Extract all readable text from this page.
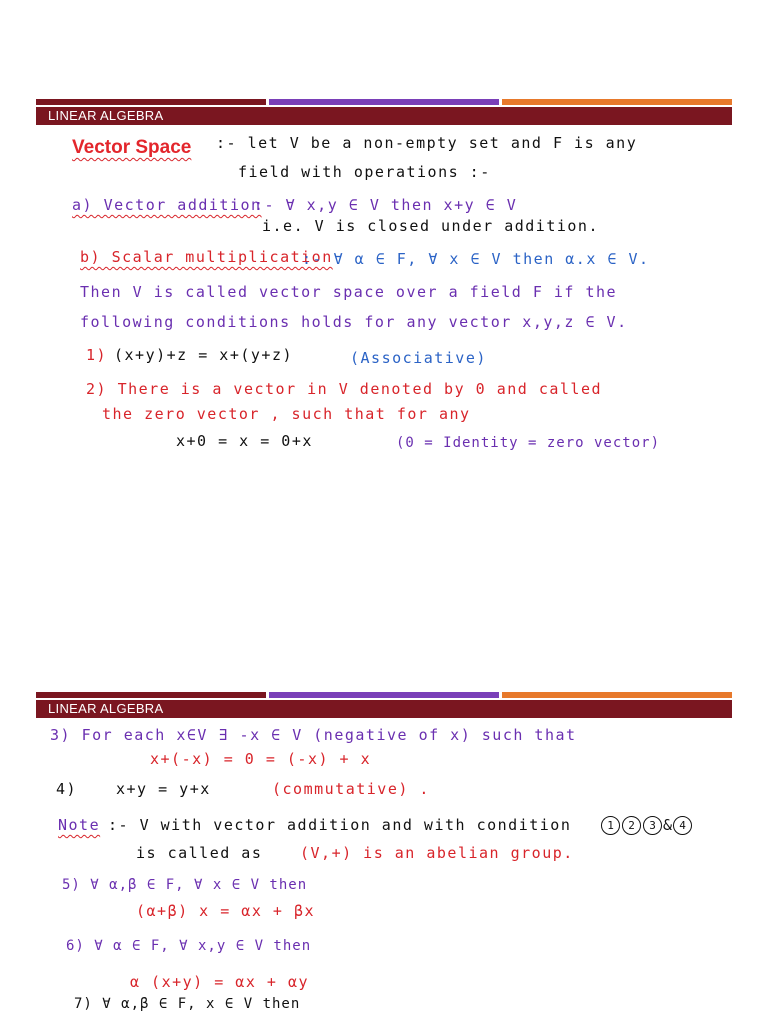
LINEAR ALGEBRA
Vector Space :- let V be a non-empty set and F is any
field with operations :-
a) Vector addition
:- ∀ x,y ∈ V then x+y ∈ V
i.e. V is closed under addition.
b) Scalar multiplication
:- ∀ α ∈ F, ∀ x ∈ V then α.x ∈ V.
Then V is called vector space over a field F if the
following conditions holds for any vector x,y,z ∈ V.
1) (x+y)+z = x+(y+z)	(Associative)
2) There is a vector in V denoted by 0 and called
the zero vector , such that for any
x+0 = x = 0+x	(0 = Identity = zero vector)
LINEAR ALGEBRA
3) For each x∈V ∃ -x ∈ V (negative of x) such that
x+(-x) = 0 = (-x) + x
4)	x+y = y+x	(commutative) .
Note :- V with vector addition and with condition	1 2 3 & 4
is called as	(V,+) is an abelian group.
5) ∀ α,β ∈ F, ∀ x ∈ V then
(α+β) x = αx + βx
6) ∀ α ∈ F, ∀ x,y ∈ V then
α (x+y) = αx + αy
7) ∀ α,β ∈ F, x ∈ V then
